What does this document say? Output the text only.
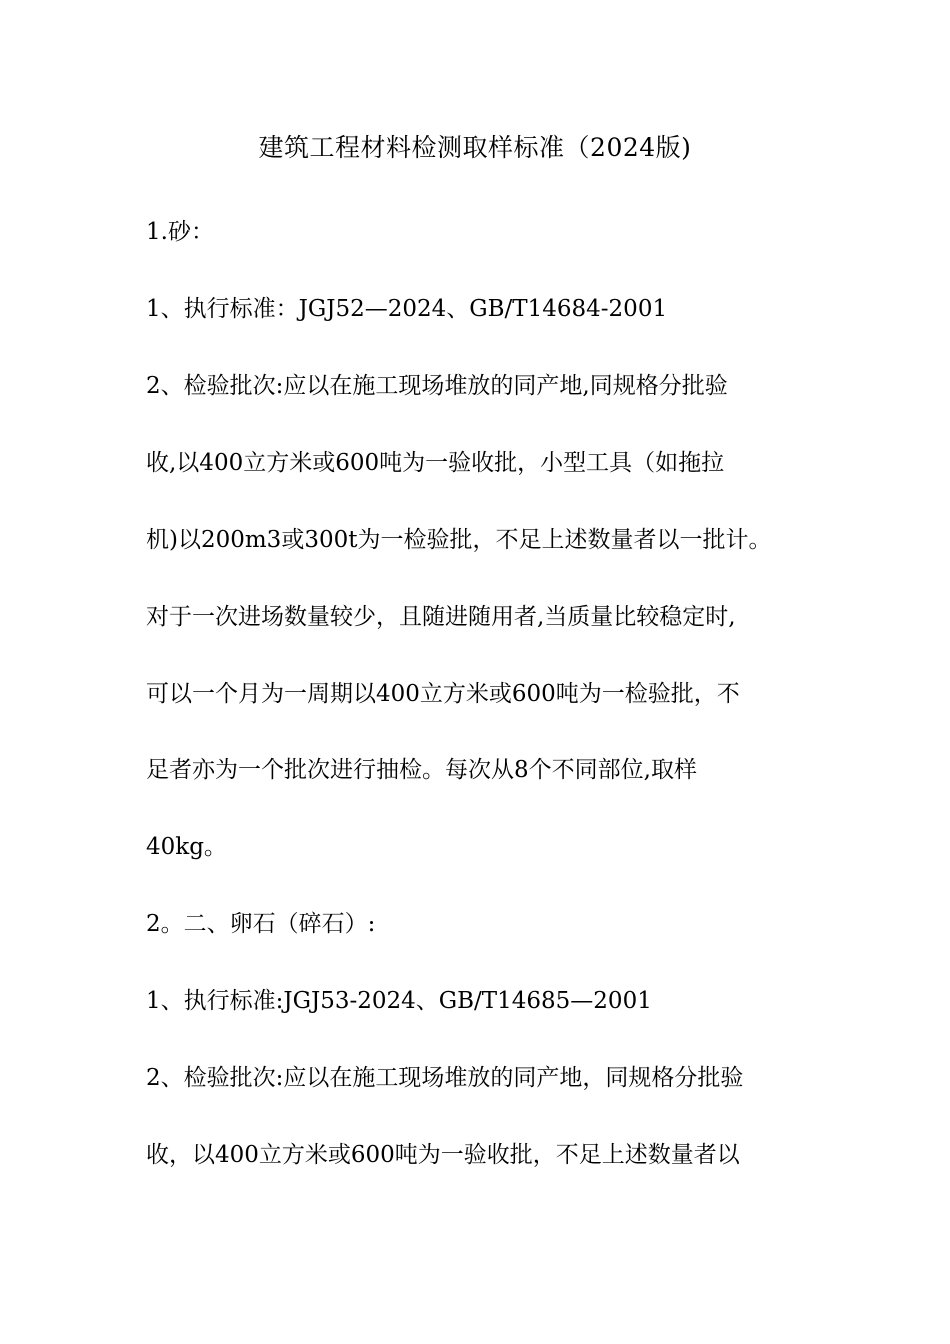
建筑工程材料检测取样标准（2024版)
1.砂：
1、执行标准：JGJ52—2024、GB/T14684-2001
2、检验批次:应以在施工现场堆放的同产地,同规格分批验
收,以400立方米或600吨为一验收批，小型工具（如拖拉
机)以200m3或300t为一检验批，不足上述数量者以一批计。
对于一次进场数量较少，且随进随用者,当质量比较稳定时,
可以一个月为一周期以400立方米或600吨为一检验批，不
足者亦为一个批次进行抽检。每次从8个不同部位,取样
40kg。
2。二、卵石（碎石）:
1、执行标准:JGJ53-2024、GB/T14685—2001
2、检验批次:应以在施工现场堆放的同产地，同规格分批验
收，以400立方米或600吨为一验收批，不足上述数量者以
